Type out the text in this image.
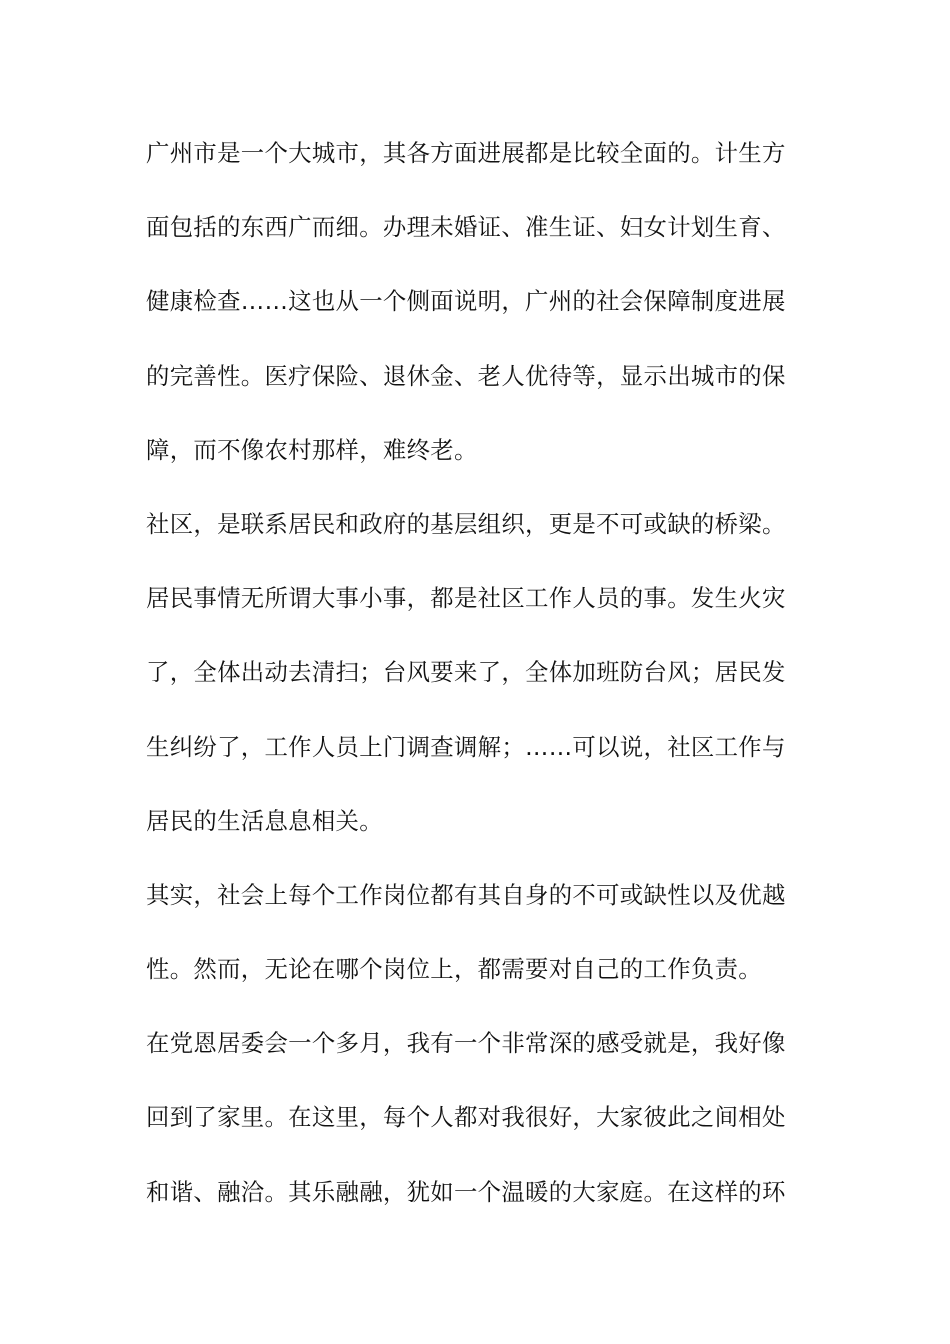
广州市是一个大城市，其各方面进展都是比较全面的。计生方
面包括的东西广而细。办理未婚证、准生证、妇女计划生育、
健康检查……这也从一个侧面说明，广州的社会保障制度进展
的完善性。医疗保险、退休金、老人优待等，显示出城市的保
障，而不像农村那样，难终老。
社区，是联系居民和政府的基层组织，更是不可或缺的桥梁。
居民事情无所谓大事小事，都是社区工作人员的事。发生火灾
了，全体出动去清扫；台风要来了，全体加班防台风；居民发
生纠纷了，工作人员上门调查调解；……可以说，社区工作与
居民的生活息息相关。
其实，社会上每个工作岗位都有其自身的不可或缺性以及优越
性。然而，无论在哪个岗位上，都需要对自己的工作负责。
在党恩居委会一个多月，我有一个非常深的感受就是，我好像
回到了家里。在这里，每个人都对我很好，大家彼此之间相处
和谐、融洽。其乐融融，犹如一个温暖的大家庭。在这样的环
